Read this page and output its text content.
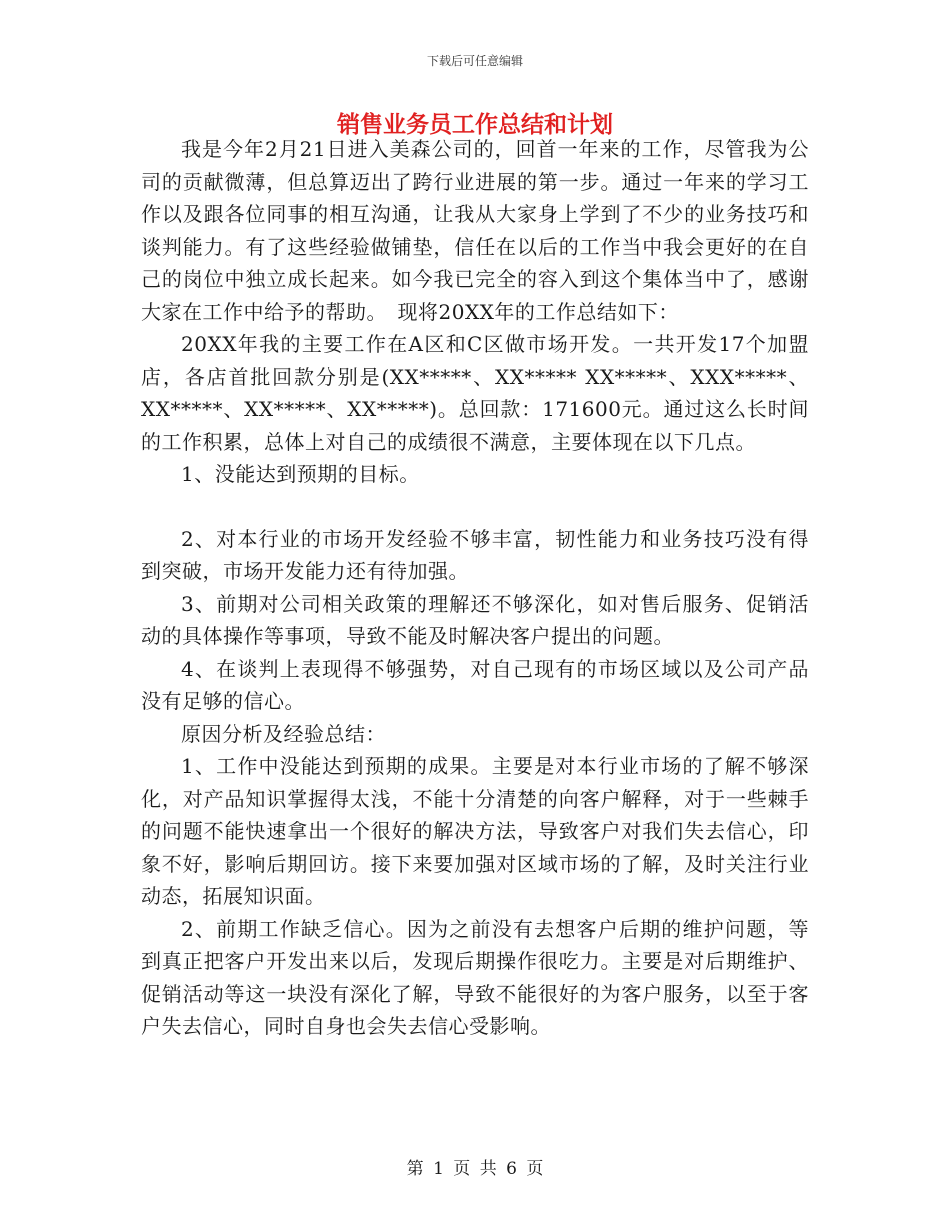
下载后可任意编辑
销售业务员工作总结和计划

我是今年2月21日进入美森公司的，回首一年来的工作，尽管我为公司的贡献微薄，但总算迈出了跨行业进展的第一步。通过一年来的学习工作以及跟各位同事的相互沟通，让我从大家身上学到了不少的业务技巧和谈判能力。有了这些经验做铺垫，信任在以后的工作当中我会更好的在自己的岗位中独立成长起来。如今我已完全的容入到这个集体当中了，感谢大家在工作中给予的帮助。　现将20XX年的工作总结如下：

20XX年我的主要工作在A区和C区做市场开发。一共开发17个加盟店，各店首批回款分别是(XX*****、XX***** XX*****、XXX*****、XX*****、XX*****、XX*****)。总回款：171600元。通过这么长时间的工作积累，总体上对自己的成绩很不满意，主要体现在以下几点。

1、没能达到预期的目标。

2、对本行业的市场开发经验不够丰富，韧性能力和业务技巧没有得到突破，市场开发能力还有待加强。

3、前期对公司相关政策的理解还不够深化，如对售后服务、促销活动的具体操作等事项，导致不能及时解决客户提出的问题。

4、在谈判上表现得不够强势，对自己现有的市场区域以及公司产品没有足够的信心。

原因分析及经验总结：

1、工作中没能达到预期的成果。主要是对本行业市场的了解不够深化，对产品知识掌握得太浅，不能十分清楚的向客户解释，对于一些棘手的问题不能快速拿出一个很好的解决方法，导致客户对我们失去信心，印象不好，影响后期回访。接下来要加强对区域市场的了解，及时关注行业动态，拓展知识面。

2、前期工作缺乏信心。因为之前没有去想客户后期的维护问题，等到真正把客户开发出来以后，发现后期操作很吃力。主要是对后期维护、促销活动等这一块没有深化了解，导致不能很好的为客户服务，以至于客户失去信心，同时自身也会失去信心受影响。

第 1 页 共 6 页
